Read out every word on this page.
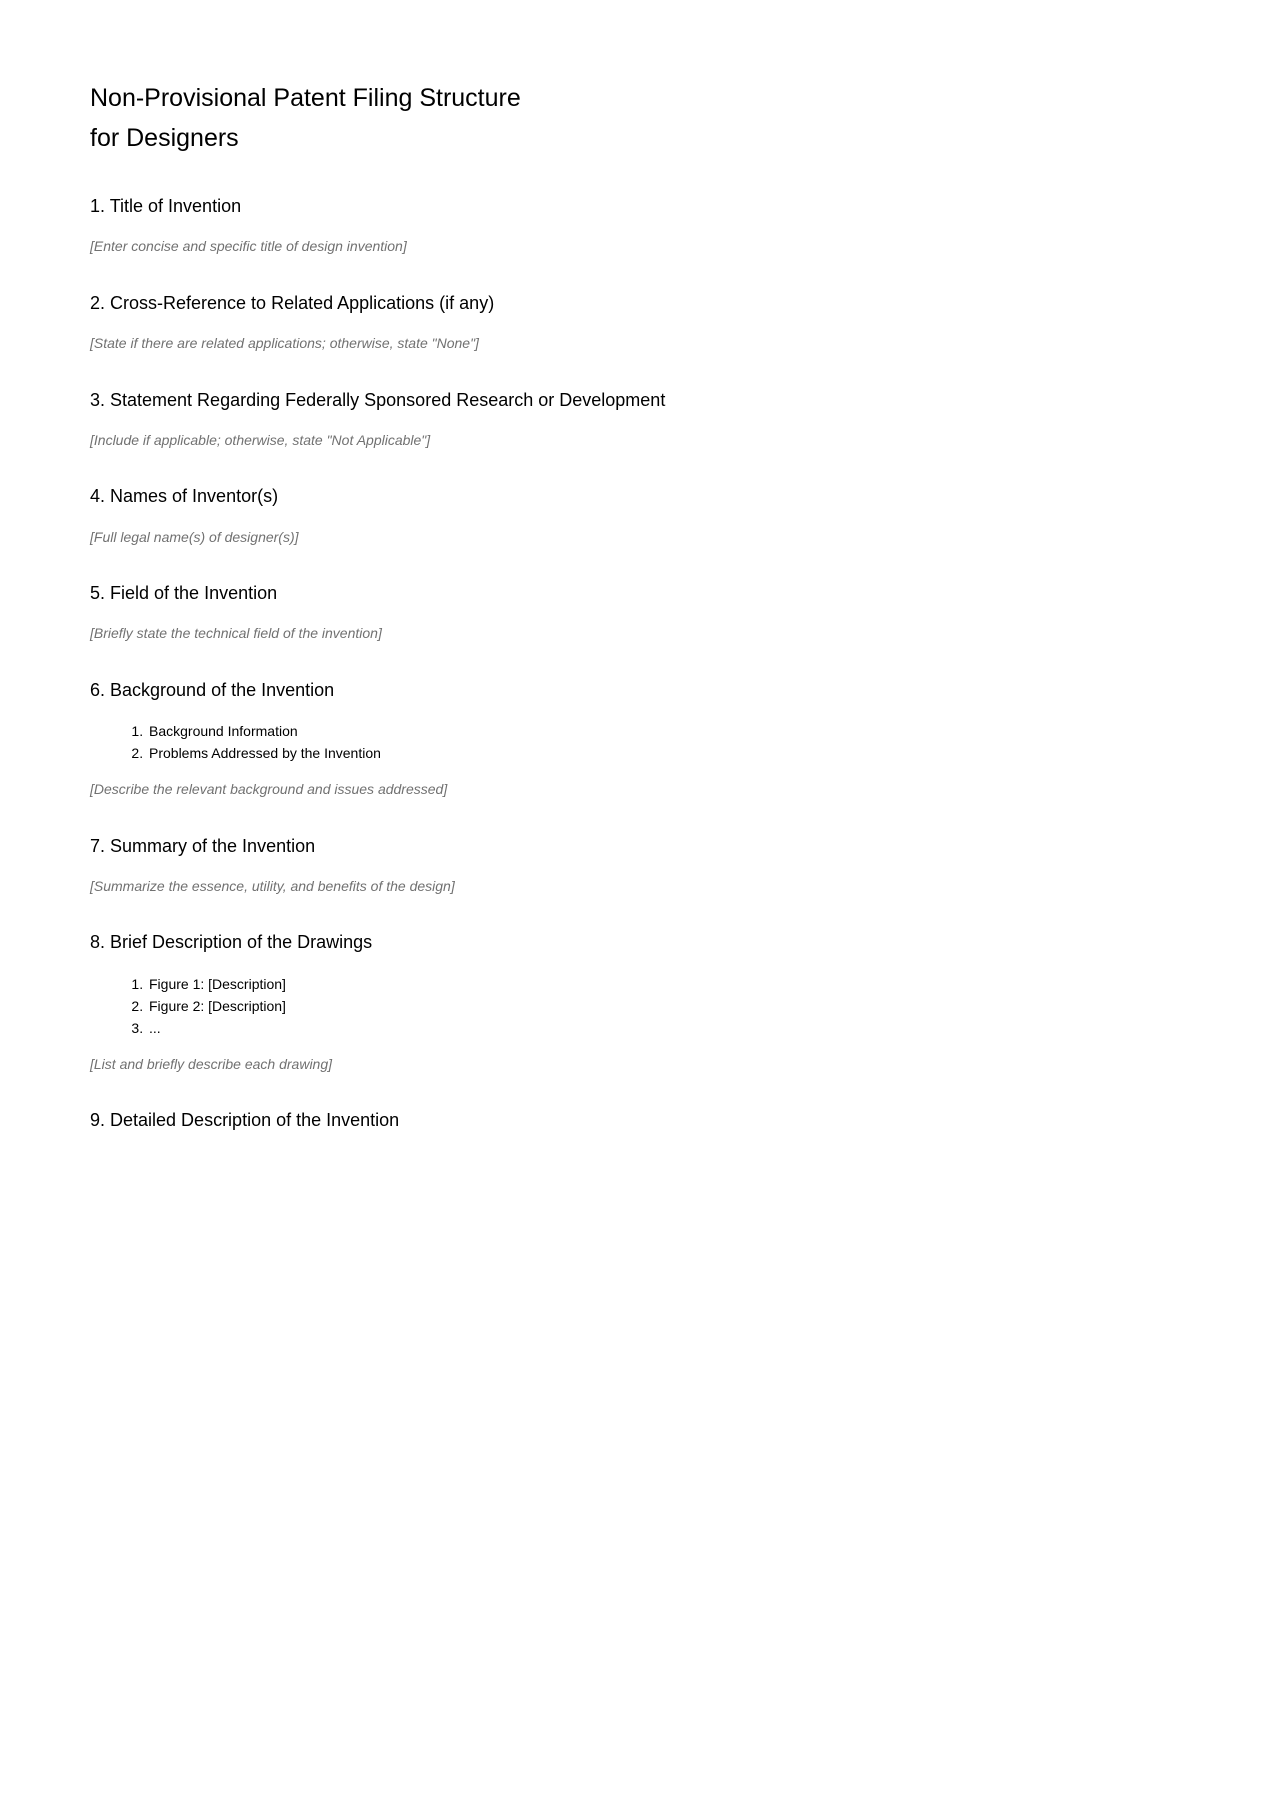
Non-Provisional Patent Filing Structure
for Designers
1. Title of Invention

[Enter concise and specific title of design invention]

2. Cross-Reference to Related Applications (if any)

[State if there are related applications; otherwise, state "None"]

3. Statement Regarding Federally Sponsored Research or Development

[Include if applicable; otherwise, state "Not Applicable"]

4. Names of Inventor(s)

[Full legal name(s) of designer(s)]

5. Field of the Invention

[Briefly state the technical field of the invention]

6. Background of the Invention
1. Background Information
2. Problems Addressed by the Invention

[Describe the relevant background and issues addressed]

7. Summary of the Invention

[Summarize the essence, utility, and benefits of the design]

8. Brief Description of the Drawings
1. Figure 1: [Description]
2. Figure 2: [Description]
3. ...

[List and briefly describe each drawing]

9. Detailed Description of the Invention
